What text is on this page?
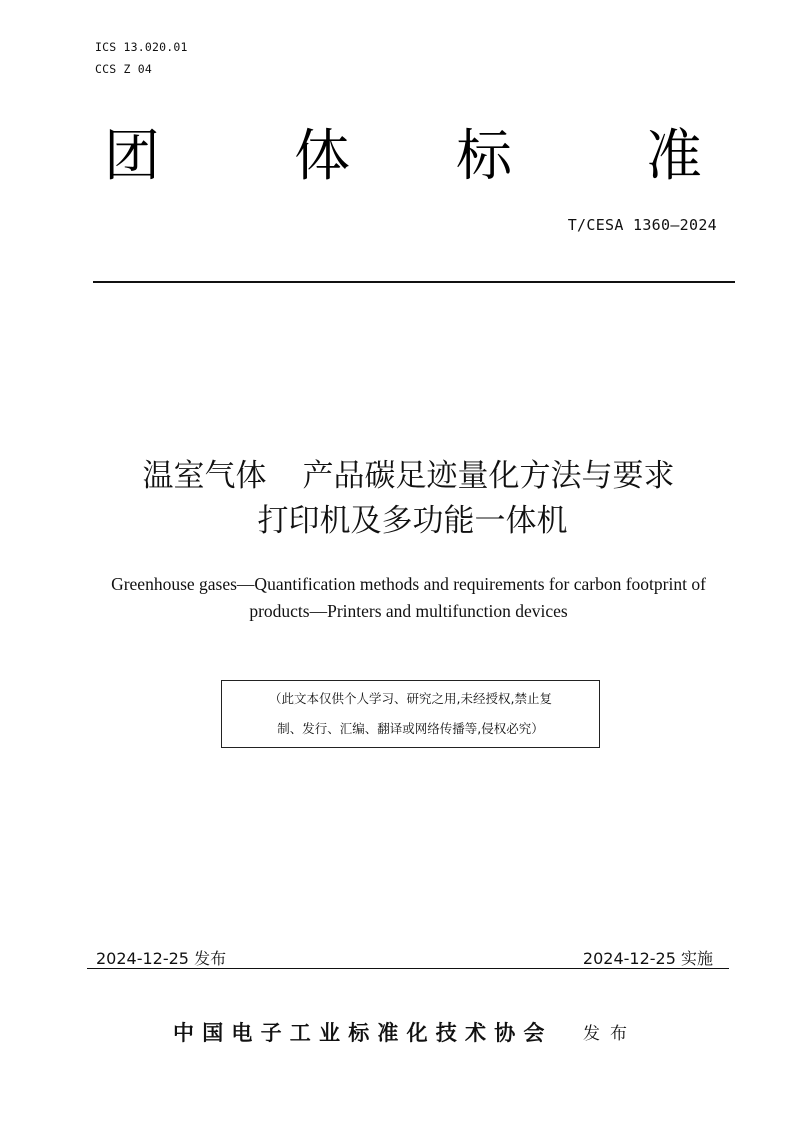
ICS 13.020.01
CCS Z 04
团 体 标 准
T/CESA 1360—2024
温室气体 产品碳足迹量化方法与要求
打印机及多功能一体机
Greenhouse gases—Quantification methods and requirements for carbon footprint of
products—Printers and multifunction devices
（此文本仅供个人学习、研究之用,未经授权,禁止复
制、发行、汇编、翻译或网络传播等,侵权必究）
2024-12-25 发布	2024-12-25 实施
中国电子工业标准化技术协会 发布
